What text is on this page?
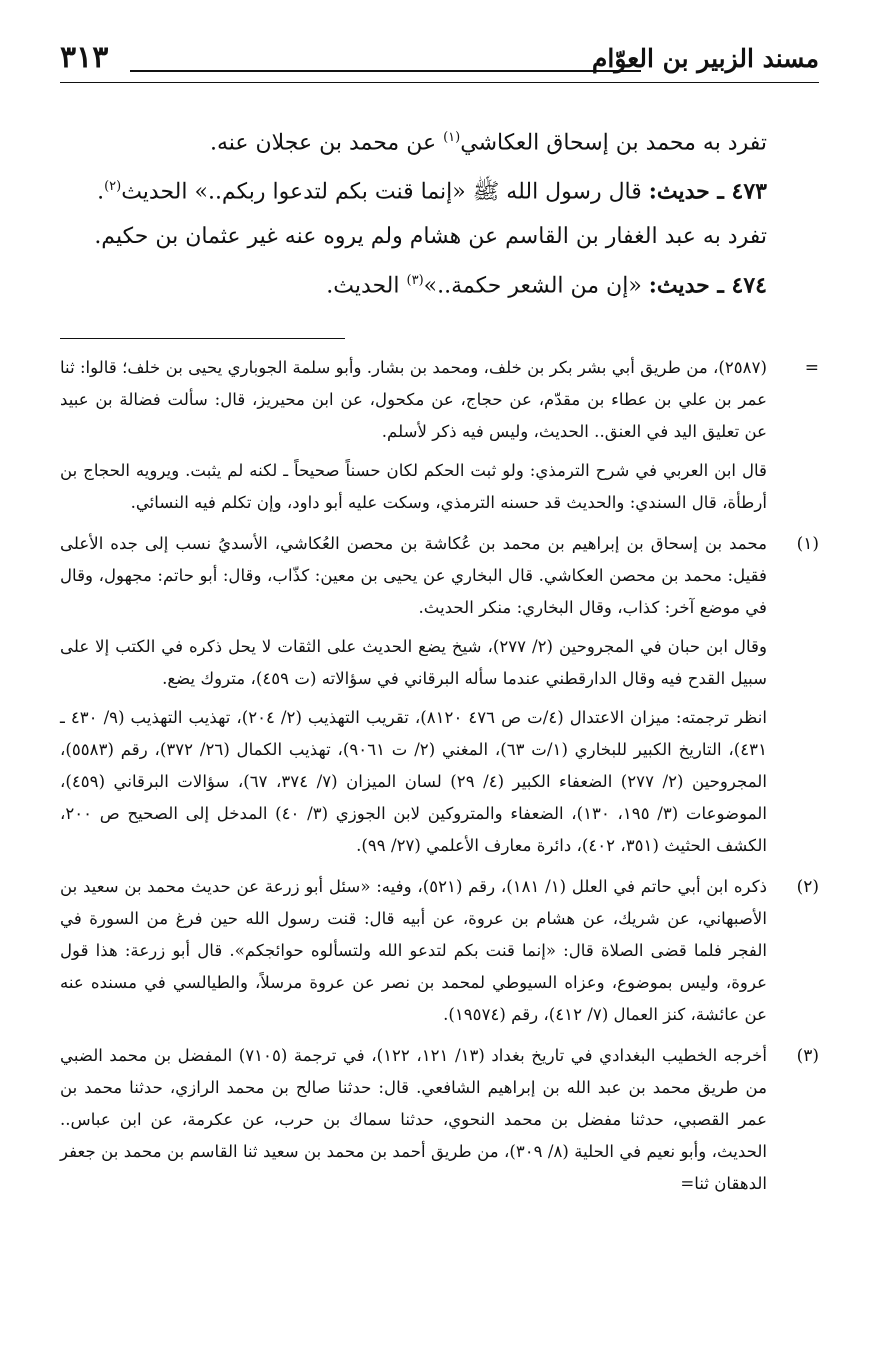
مسند الزبير بن العوّام
٣١٣

تفرد به محمد بن إسحاق العكاشي$^{(١)}$ عن محمد بن عجلان عنه.

٤٧٣ ـ حديث: قال رسول الله ﷺ «إنما قنت بكم لتدعوا ربكم..» الحديث$^{(٢)}$.

تفرد به عبد الغفار بن القاسم عن هشام ولم يروه عنه غير عثمان بن حكيم.

٤٧٤ ـ حديث: «إن من الشعر حكمة..»$^{(٣)}$ الحديث.

=

(٢٥٨٧)، من طريق أبي بشر بكر بن خلف، ومحمد بن بشار. وأبو سلمة الجوباري يحيى بن خلف؛ قالوا: ثنا عمر بن علي بن عطاء بن مقدّم، عن حجاج، عن مكحول، عن ابن محيريز، قال: سألت فضالة بن عبيد عن تعليق اليد في العنق.. الحديث، وليس فيه ذكر لأسلم.

قال ابن العربي في شرح الترمذي: ولو ثبت الحكم لكان حسناً صحيحاً ـ لكنه لم يثبت. ويرويه الحجاج بن أرطأة، قال السندي: والحديث قد حسنه الترمذي، وسكت عليه أبو داود، وإن تكلم فيه النسائي.

(١)

محمد بن إسحاق بن إبراهيم بن محمد بن عُكاشة بن محصن العُكاشي، الأسديُ نسب إلى جده الأعلى فقيل: محمد بن محصن العكاشي. قال البخاري عن يحيى بن معين: كذّاب، وقال: أبو حاتم: مجهول، وقال في موضع آخر: كذاب، وقال البخاري: منكر الحديث.

وقال ابن حبان في المجروحين (٢/ ٢٧٧)، شيخ يضع الحديث على الثقات لا يحل ذكره في الكتب إلا على سبيل القدح فيه وقال الدارقطني عندما سأله البرقاني في سؤالاته (ت ٤٥٩)، متروك يضع.

انظر ترجمته: ميزان الاعتدال (٤/ت ص ٤٧٦ ٨١٢٠)، تقريب التهذيب (٢/ ٢٠٤)، تهذيب التهذيب (٩/ ٤٣٠ ـ ٤٣١)، التاريخ الكبير للبخاري (١/ت ٦٣)، المغني (٢/ ت ٩٠٦١)، تهذيب الكمال (٢٦/ ٣٧٢)، رقم (٥٥٨٣)، المجروحين (٢/ ٢٧٧) الضعفاء الكبير (٤/ ٢٩) لسان الميزان (٧/ ٣٧٤، ٦٧)، سؤالات البرقاني (٤٥٩)، الموضوعات (٣/ ١٩٥، ١٣٠)، الضعفاء والمتروكين لابن الجوزي (٣/ ٤٠) المدخل إلى الصحيح ص ٢٠٠، الكشف الحثيث (٣٥١، ٤٠٢)، دائرة معارف الأعلمي (٢٧/ ٩٩).

(٢)

ذكره ابن أبي حاتم في العلل (١/ ١٨١)، رقم (٥٢١)، وفيه: «سئل أبو زرعة عن حديث محمد بن سعيد بن الأصبهاني، عن شريك، عن هشام بن عروة، عن أبيه قال: قنت رسول الله حين فرغ من السورة في الفجر فلما قضى الصلاة قال: «إنما قنت بكم لتدعو الله ولتسألوه حوائجكم». قال أبو زرعة: هذا قول عروة، وليس بموضوع، وعزاه السيوطي لمحمد بن نصر عن عروة مرسلاً، والطيالسي في مسنده عنه عن عائشة، كنز العمال (٧/ ٤١٢)، رقم (١٩٥٧٤).

(٣)

أخرجه الخطيب البغدادي في تاريخ بغداد (١٣/ ١٢١، ١٢٢)، في ترجمة (٧١٠٥) المفضل بن محمد الضبي من طريق محمد بن عبد الله بن إبراهيم الشافعي. قال: حدثنا صالح بن محمد الرازي، حدثنا محمد بن عمر القصبي، حدثنا مفضل بن محمد النحوي، حدثنا سماك بن حرب، عن عكرمة، عن ابن عباس.. الحديث، وأبو نعيم في الحلية (٨/ ٣٠٩)، من طريق أحمد بن محمد بن سعيد ثنا القاسم بن محمد بن جعفر الدهقان ثنا=
